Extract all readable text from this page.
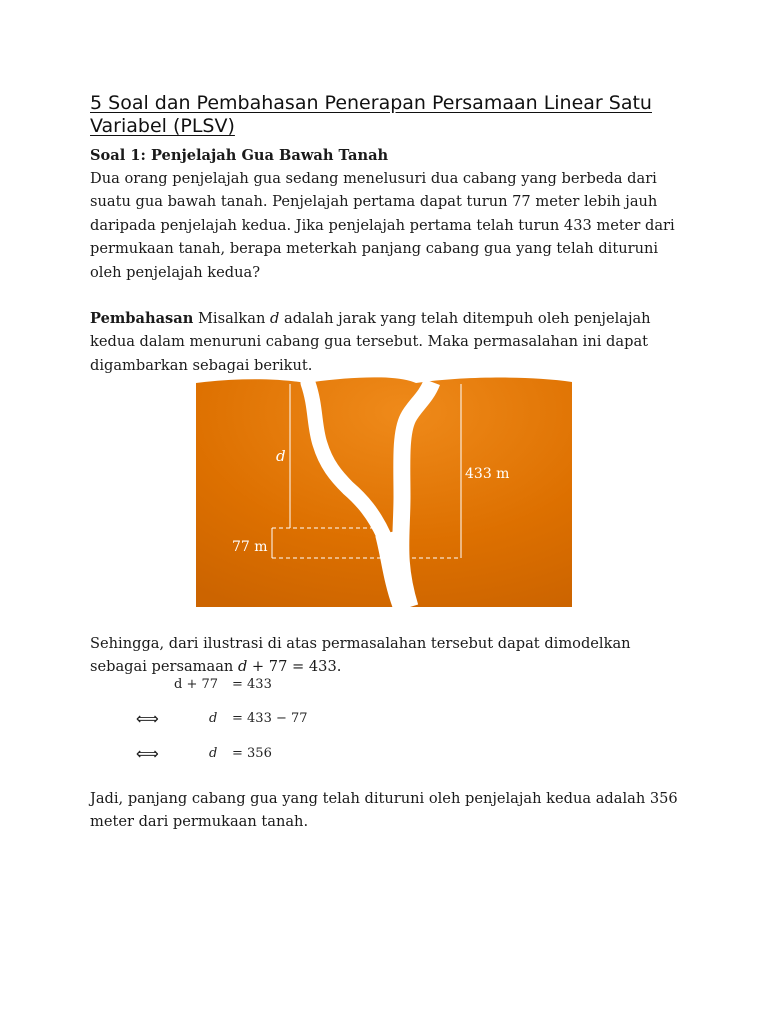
5 Soal dan Pembahasan Penerapan Persamaan Linear Satu Variabel (PLSV)
Soal 1: Penjelajah Gua Bawah Tanah

Dua orang penjelajah gua sedang menelusuri dua cabang yang berbeda dari suatu gua bawah tanah. Penjelajah pertama dapat turun 77 meter lebih jauh daripada penjelajah kedua. Jika penjelajah pertama telah turun 433 meter dari permukaan tanah, berapa meterkah panjang cabang gua yang telah dituruni oleh penjelajah kedua?

Pembahasan Misalkan d adalah jarak yang telah ditempuh oleh penjelajah kedua dalam menuruni cabang gua tersebut. Maka permasalahan ini dapat digambarkan sebagai berikut.

d
433 m
77 m

Sehingga, dari ilustrasi di atas permasalahan tersebut dapat dimodelkan sebagai persamaan d + 77 = 433.

d + 77 = 433
⟺	d = 433 − 77
⟺	d = 356

Jadi, panjang cabang gua yang telah dituruni oleh penjelajah kedua adalah 356 meter dari permukaan tanah.
